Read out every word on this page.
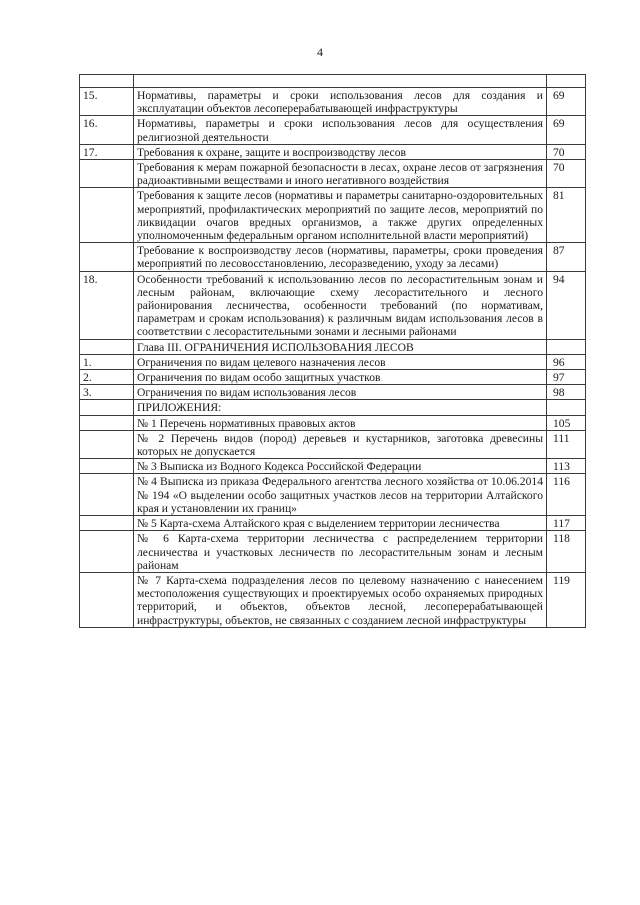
4

15.	Нормативы, параметры и сроки использования лесов для создания и эксплуатации объектов лесоперерабатывающей инфраструктуры	69
16.	Нормативы, параметры и сроки использования лесов для осуществления религиозной деятельности	69
17.	Требования к охране, защите и воспроизводству лесов	70
	Требования к мерам пожарной безопасности в лесах, охране лесов от загрязнения радиоактивными веществами и иного негативного воздействия	70
	Требования к защите лесов (нормативы и параметры санитарно-оздоровительных мероприятий, профилактических мероприятий по защите лесов, мероприятий по ликвидации очагов вредных организмов, а также других определенных уполномоченным федеральным органом исполнительной власти мероприятий)	81
	Требование к воспроизводству лесов (нормативы, параметры, сроки проведения мероприятий по лесовосстановлению, лесоразведению, уходу за лесами)	87
18.	Особенности требований к использованию лесов по лесорастительным зонам и лесным районам, включающие схему лесорастительного и лесного районирования лесничества, особенности требований (по нормативам, параметрам и срокам использования) к различным видам использования лесов в соответствии с лесорастительными зонами и лесными районами	94
	Глава III. ОГРАНИЧЕНИЯ ИСПОЛЬЗОВАНИЯ ЛЕСОВ	
1.	Ограничения по видам целевого назначения лесов	96
2.	Ограничения по видам особо защитных участков	97
3.	Ограничения по видам использования лесов	98
	ПРИЛОЖЕНИЯ:	
	№ 1 Перечень нормативных правовых актов	105
	№ 2 Перечень видов (пород) деревьев и кустарников, заготовка древесины которых не допускается	111
	№ 3 Выписка из Водного Кодекса Российской Федерации	113
	№ 4 Выписка из приказа Федерального агентства лесного хозяйства от 10.06.2014 № 194 «О выделении особо защитных участков лесов на территории Алтайского края и установлении их границ»	116
	№ 5 Карта-схема Алтайского края с выделением территории лесничества	117
	№ 6 Карта-схема территории лесничества с распределением территории лесничества и участковых лесничеств по лесорастительным зонам и лесным районам	118
	№ 7 Карта-схема подразделения лесов по целевому назначению с нанесением местоположения существующих и проектируемых особо охраняемых природных территорий, и объектов, объектов лесной, лесоперерабатывающей инфраструктуры, объектов, не связанных с созданием лесной инфраструктуры	119
